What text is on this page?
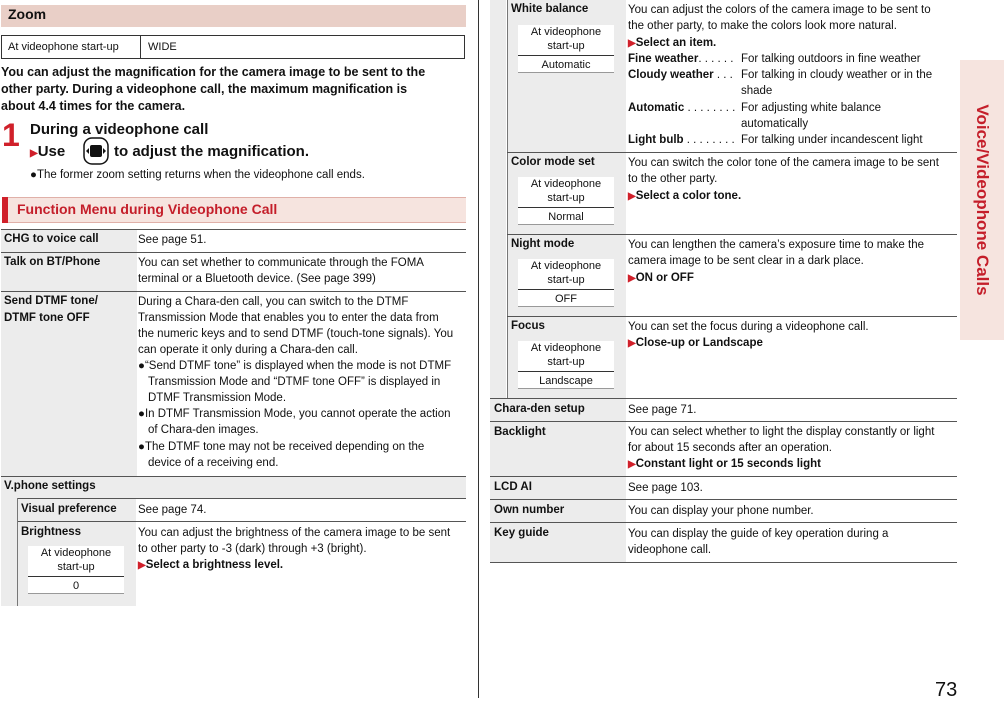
Zoom
At videophone start-up	WIDE
You can adjust the magnification for the camera image to be sent to the
other party. During a videophone call, the maximum magnification is
about 4.4 times for the camera.
1 During a videophone call
▶Use	to adjust the magnification.
●The former zoom setting returns when the videophone call ends.
Function Menu during Videophone Call
CHG to voice call	See page 51.
Talk on BT/Phone	You can set whether to communicate through the FOMA
terminal or a Bluetooth device. (See page 399)
Send DTMF tone/
DTMF tone OFF
During a Chara-den call, you can switch to the DTMF
Transmission Mode that enables you to enter the data from
the numeric keys and to send DTMF (touch-tone signals). You
can operate it only during a Chara-den call.
●“Send DTMF tone” is displayed when the mode is not DTMF
Transmission Mode and “DTMF tone OFF” is displayed in
DTMF Transmission Mode.
●In DTMF Transmission Mode, you cannot operate the action
of Chara-den images.
●The DTMF tone may not be received depending on the
device of a receiving end.
V.phone settings
Visual preference See page 74.
Brightness	You can adjust the brightness of the camera image to be sent
to other party to -3 (dark) through +3 (bright).
▶Select a brightness level.
At videophone
start-up
0
White balance	You can adjust the colors of the camera image to be sent to
the other party, to make the colors look more natural.
▶Select an item.
Fine weather. . . . . . For talking outdoors in fine weather
Cloudy weather . . . For talking in cloudy weather or in the
shade
Automatic . . . . . . . . For adjusting white balance
automatically
Light bulb . . . . . . . . For talking under incandescent light
At videophone
start-up
Automatic
Color mode set	You can switch the color tone of the camera image to be sent
to the other party.
▶Select a color tone.
At videophone
start-up
Normal
Night mode	You can lengthen the camera’s exposure time to make the
camera image to be sent clear in a dark place.
▶ON or OFF
At videophone
start-up
OFF
Focus	You can set the focus during a videophone call.
▶Close-up or Landscape
At videophone
start-up
Landscape
Chara-den setup	See page 71.
Backlight	You can select whether to light the display constantly or light
for about 15 seconds after an operation.
▶Constant light or 15 seconds light
LCD AI	See page 103.
Own number	You can display your phone number.
Key guide	You can display the guide of key operation during a
videophone call.
Voice/Videophone Calls
73
